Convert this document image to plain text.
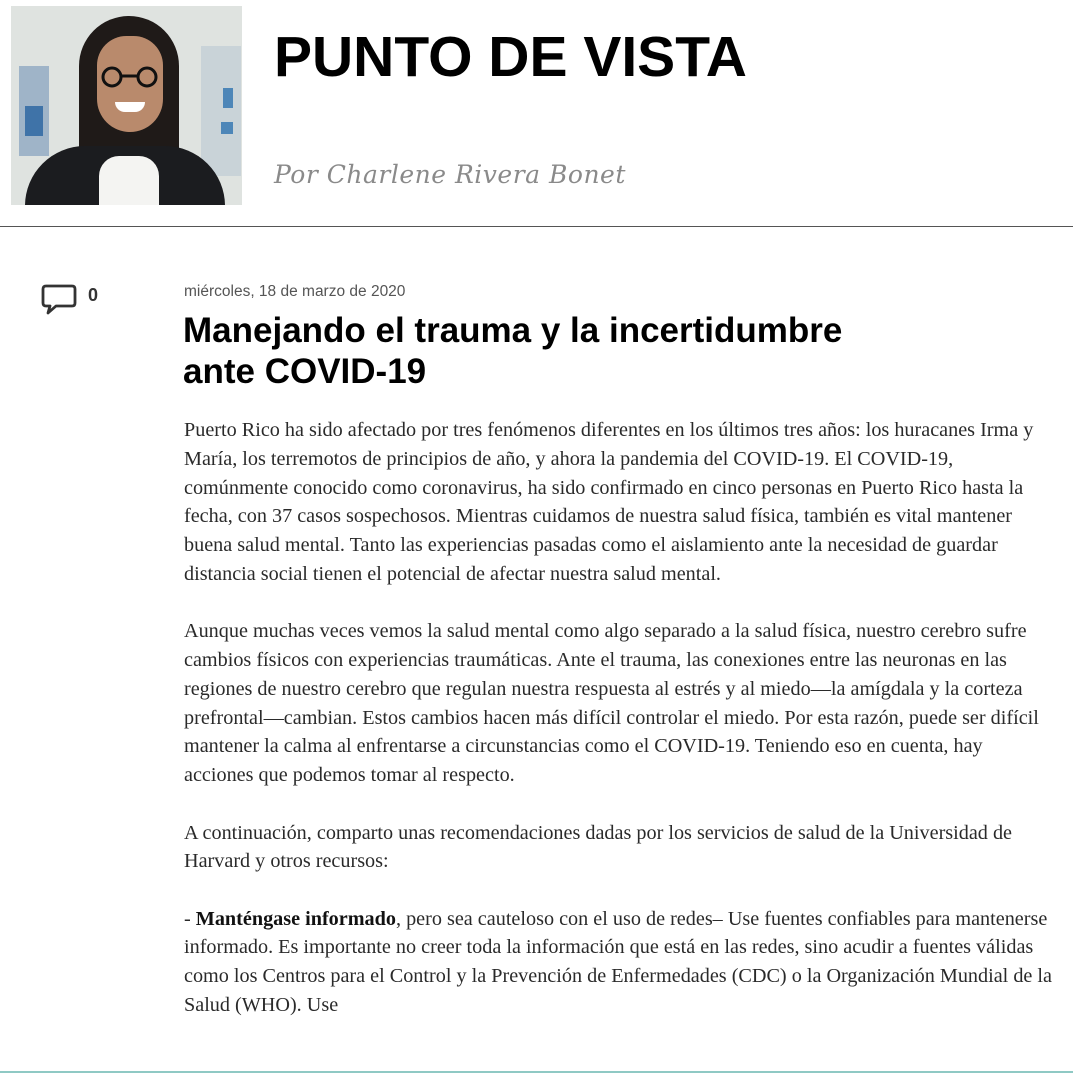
PUNTO DE VISTA
Por Charlene Rivera Bonet
0	miércoles, 18 de marzo de 2020
Manejando el trauma y la incertidumbre ante COVID-19

Puerto Rico ha sido afectado por tres fenómenos diferentes en los últimos tres años: los huracanes Irma y María, los terremotos de principios de año, y ahora la pandemia del COVID-19. El COVID-19, comúnmente conocido como coronavirus, ha sido confirmado en cinco personas en Puerto Rico hasta la fecha, con 37 casos sospechosos. Mientras cuidamos de nuestra salud física, también es vital mantener buena salud mental. Tanto las experiencias pasadas como el aislamiento ante la necesidad de guardar distancia social tienen el potencial de afectar nuestra salud mental.

Aunque muchas veces vemos la salud mental como algo separado a la salud física, nuestro cerebro sufre cambios físicos con experiencias traumáticas. Ante el trauma, las conexiones entre las neuronas en las regiones de nuestro cerebro que regulan nuestra respuesta al estrés y al miedo—la amígdala y la corteza prefrontal—cambian. Estos cambios hacen más difícil controlar el miedo. Por esta razón, puede ser difícil mantener la calma al enfrentarse a circunstancias como el COVID-19. Teniendo eso en cuenta, hay acciones que podemos tomar al respecto.

A continuación, comparto unas recomendaciones dadas por los servicios de salud de la Universidad de Harvard y otros recursos:

- Manténgase informado, pero sea cauteloso con el uso de redes– Use fuentes confiables para mantenerse informado. Es importante no creer toda la información que está en las redes, sino acudir a fuentes válidas como los Centros para el Control y la Prevención de Enfermedades (CDC) o la Organización Mundial de la Salud (WHO). Use
